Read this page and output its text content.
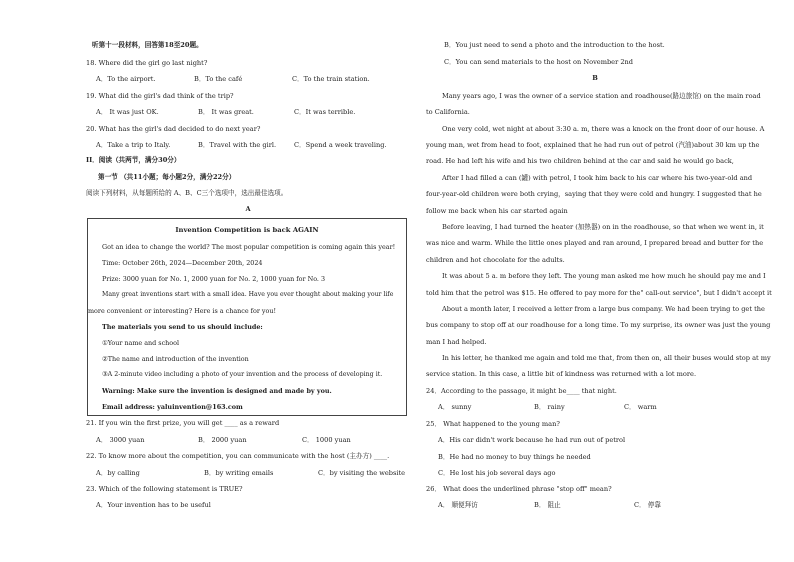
听第十一段材料，回答第18至20题。
18. Where did the girl go last night?
A．To the airport.	B．To the café	C．To the train station.
19. What did the girl's dad think of the trip?
A． It was just OK.	B． It was great.	C．It was terrible.
20. What has the girl's dad decided to do next year?
A．Take a trip to Italy.	B．Travel with the girl.	C．Spend a week traveling.
II．阅读（共两节，满分30分）
第一节 （共11小题；每小题2分，满分22分）
阅读下列材料，从每题所给的 A、B、C三个选项中，选出最佳选项。
A
Invention Competition is back AGAIN
Got an idea to change the world? The most popular competition is coming again this year!
Time: October 26th, 2024—December 20th, 2024
Prize: 3000 yuan for No. 1, 2000 yuan for No. 2, 1000 yuan for No. 3
Many great inventions start with a small idea. Have you ever thought about making your life
more convenient or interesting? Here is a chance for you!
The materials you send to us should include:
①Your name and school
②The name and introduction of the invention
③A 2-minute video including a photo of your invention and the process of developing it.
Warning: Make sure the invention is designed and made by you.
Email address: yaluinvention@163.com
21. If you win the first prize, you will get ____ as a reward
A． 3000 yuan	B． 2000 yuan	C． 1000 yuan
22. To know more about the competition, you can communicate with the host (主办方) ____.
A．by calling	B．by writing emails	C．by visiting the website
23. Which of the following statement is TRUE?
A．Your invention has to be useful
B．You just need to send a photo and the introduction to the host.
C．You can send materials to the host on November 2nd
B
Many years ago, I was the owner of a service station and roadhouse(路边旅馆) on the main road
to California.
One very cold, wet night at about 3:30 a. m, there was a knock on the front door of our house. A
young man, wet from head to foot, explained that he had run out of petrol (汽油)about 30 km up the
road. He had left his wife and his two children behind at the car and said he would go back,
After I had filled a can (罐) with petrol, I took him back to his car where his two-year-old and
four-year-old children were both crying，saying that they were cold and hungry. I suggested that he
follow me back when his car started again
Before leaving, I had turned the heater (加热器) on in the roadhouse, so that when we went in, it
was nice and warm. While the little ones played and ran around, I prepared bread and butter for the
children and hot chocolate for the adults.
It was about 5 a. m before they left. The young man asked me how much he should pay me and I
told him that the petrol was $15. He offered to pay more for the" call-out service", but I didn't accept it
About a month later, I received a letter from a large bus company. We had been trying to get the
bus company to stop off at our roadhouse for a long time. To my surprise, its owner was just the young
man I had helped.
In his letter, he thanked me again and told me that, from then on, all their buses would stop at my
service station. In this case, a little bit of kindness was returned with a lot more.
24．According to the passage, it might be____ that night.
A． sunny	B． rainy	C． warm
25． What happened to the young man?
A．His car didn't work because he had run out of petrol
B．He had no money to buy things he needed
C．He lost his job several days ago
26． What does the underlined phrase "stop off" mean?
A． 顺便拜访	B． 阻止	C． 停靠
